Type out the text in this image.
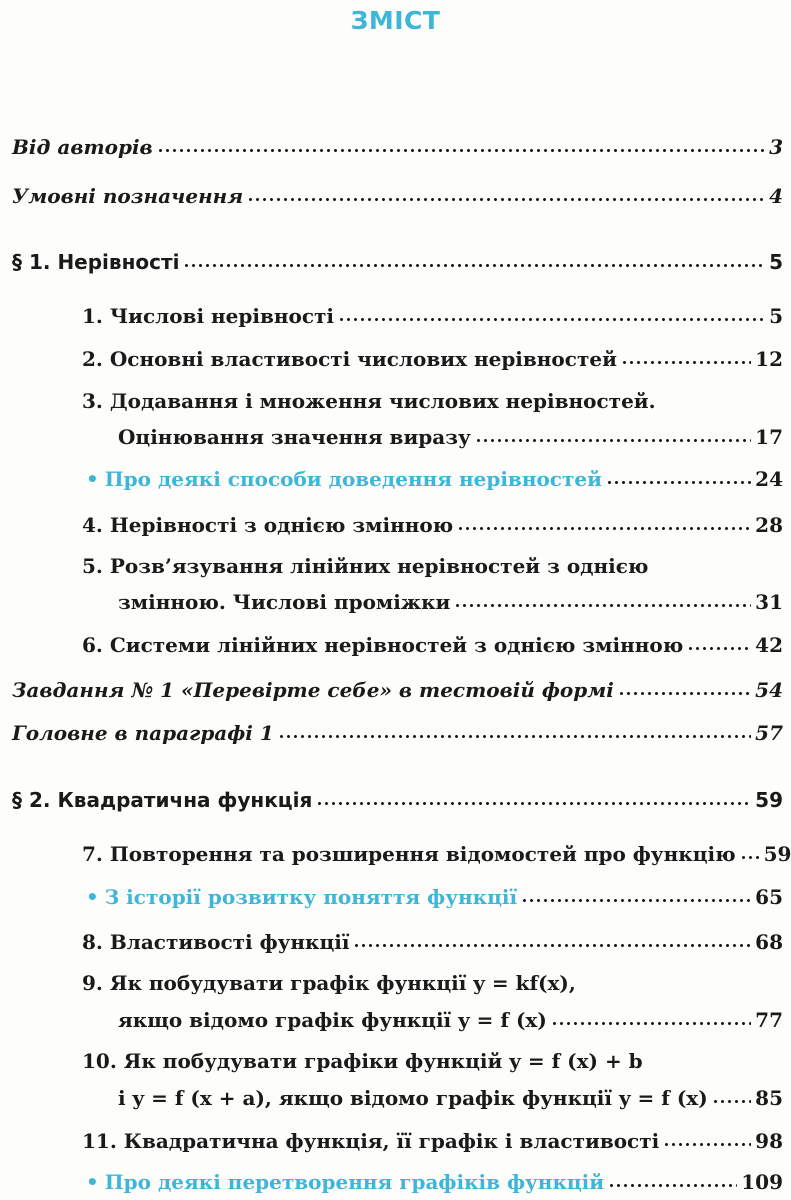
ЗМІСТ
Від авторів	3
Умовні позначення	4
§ 1. Нерівності	5
1. Числові нерівності	5
2. Основні властивості числових нерівностей	12
3. Додавання і множення числових нерівностей.
Оцінювання значення виразу	17
• Про деякі способи доведення нерівностей	24
4. Нерівності з однією змінною	28
5. Розв’язування лінійних нерівностей з однією
змінною. Числові проміжки	31
6. Системи лінійних нерівностей з однією змінною	42
Завдання № 1 «Перевірте себе» в тестовій формі	54
Головне в параграфі 1	57
§ 2. Квадратична функція	59
7. Повторення та розширення відомостей про функцію 59
• З історії розвитку поняття функції	65
8. Властивості функції	68
9. Як побудувати графік функції y = kf(x),
якщо відомо графік функції y = f (x)	77
10. Як побудувати графіки функцій y = f (x) + b
і y = f (x + a), якщо відомо графік функції y = f (x) 85
11. Квадратична функція, її графік і властивості	98
• Про деякі перетворення графіків функцій	109
